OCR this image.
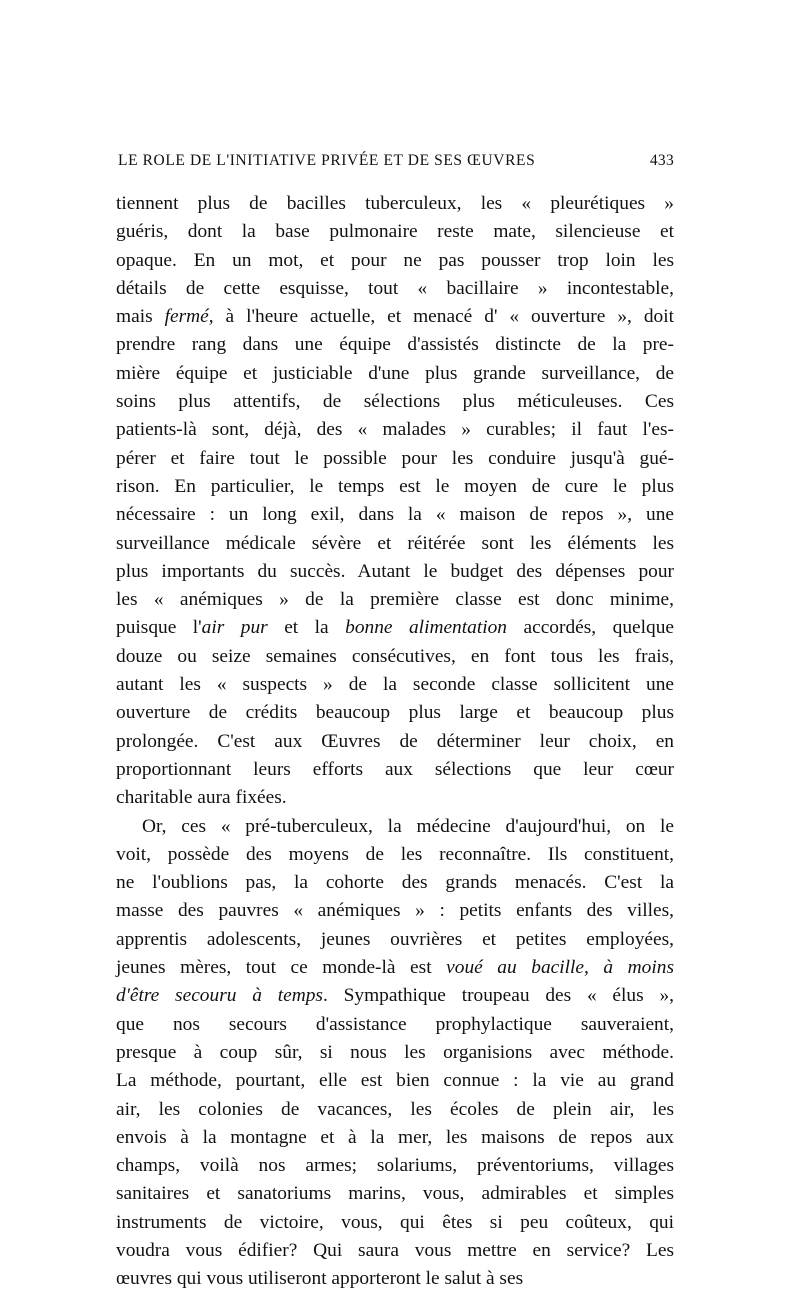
LE ROLE DE L'INITIATIVE PRIVÉE ET DE SES ŒUVRES	433
tiennent plus de bacilles tuberculeux, les « pleurétiques »
guéris, dont la base pulmonaire reste mate, silencieuse et
opaque. En un mot, et pour ne pas pousser trop loin les
détails de cette esquisse, tout « bacillaire » incontestable,
mais fermé, à l'heure actuelle, et menacé d' « ouverture », doit
prendre rang dans une équipe d'assistés distincte de la pre-
mière équipe et justiciable d'une plus grande surveillance, de
soins plus attentifs, de sélections plus méticuleuses. Ces
patients-là sont, déjà, des « malades » curables; il faut l'es-
pérer et faire tout le possible pour les conduire jusqu'à gué-
rison. En particulier, le temps est le moyen de cure le plus
nécessaire : un long exil, dans la « maison de repos », une
surveillance médicale sévère et réitérée sont les éléments les
plus importants du succès. Autant le budget des dépenses pour
les « anémiques » de la première classe est donc minime,
puisque l'air pur et la bonne alimentation accordés, quelque
douze ou seize semaines consécutives, en font tous les frais,
autant les « suspects » de la seconde classe sollicitent une
ouverture de crédits beaucoup plus large et beaucoup plus
prolongée. C'est aux Œuvres de déterminer leur choix, en
proportionnant leurs efforts aux sélections que leur cœur
charitable aura fixées.
Or, ces « pré-tuberculeux, la médecine d'aujourd'hui, on le
voit, possède des moyens de les reconnaître. Ils constituent,
ne l'oublions pas, la cohorte des grands menacés. C'est la
masse des pauvres « anémiques » : petits enfants des villes,
apprentis adolescents, jeunes ouvrières et petites employées,
jeunes mères, tout ce monde-là est voué au bacille, à moins
d'être secouru à temps. Sympathique troupeau des « élus »,
que nos secours d'assistance prophylactique sauveraient,
presque à coup sûr, si nous les organisions avec méthode.
La méthode, pourtant, elle est bien connue : la vie au grand
air, les colonies de vacances, les écoles de plein air, les
envois à la montagne et à la mer, les maisons de repos aux
champs, voilà nos armes; solariums, préventoriums, villages
sanitaires et sanatoriums marins, vous, admirables et simples
instruments de victoire, vous, qui êtes si peu coûteux, qui
voudra vous édifier? Qui saura vous mettre en service? Les
œuvres qui vous utiliseront apporteront le salut à ses
